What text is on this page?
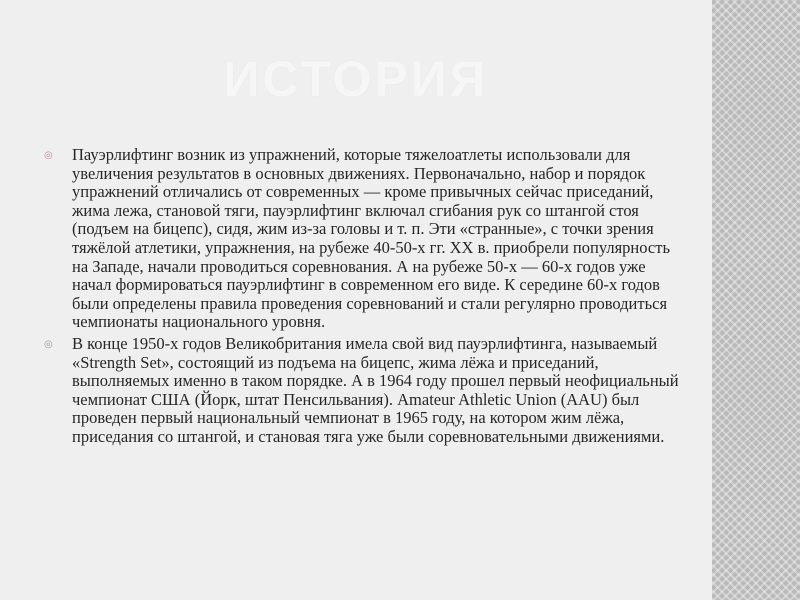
ИСТОРИЯ
◎ Пауэрлифтинг возник из упражнений, которые тяжелоатлеты использовали для увеличения результатов в основных движениях. Первоначально, набор и порядок упражнений отличались от современных — кроме привычных сейчас приседаний, жима лежа, становой тяги, пауэрлифтинг включал сгибания рук со штангой стоя (подъем на бицепс), сидя, жим из-за головы и т. п. Эти «странные», с точки зрения тяжёлой атлетики, упражнения, на рубеже 40-50-х гг. XX в. приобрели популярность на Западе, начали проводиться соревнования. А на рубеже 50-х — 60-х годов уже начал формироваться пауэрлифтинг в современном его виде. К середине 60-х годов были определены правила проведения соревнований и стали регулярно проводиться чемпионаты национального уровня.
◎ В конце 1950-х годов Великобритания имела свой вид пауэрлифтинга, называемый «Strength Set», состоящий из подъема на бицепс, жима лёжа и приседаний, выполняемых именно в таком порядке. А в 1964 году прошел первый неофициальный чемпионат США (Йорк, штат Пенсильвания). Amateur Athletic Union (AAU) был проведен первый национальный чемпионат в 1965 году, на котором жим лёжа, приседания со штангой, и становая тяга уже были соревновательными движениями.
